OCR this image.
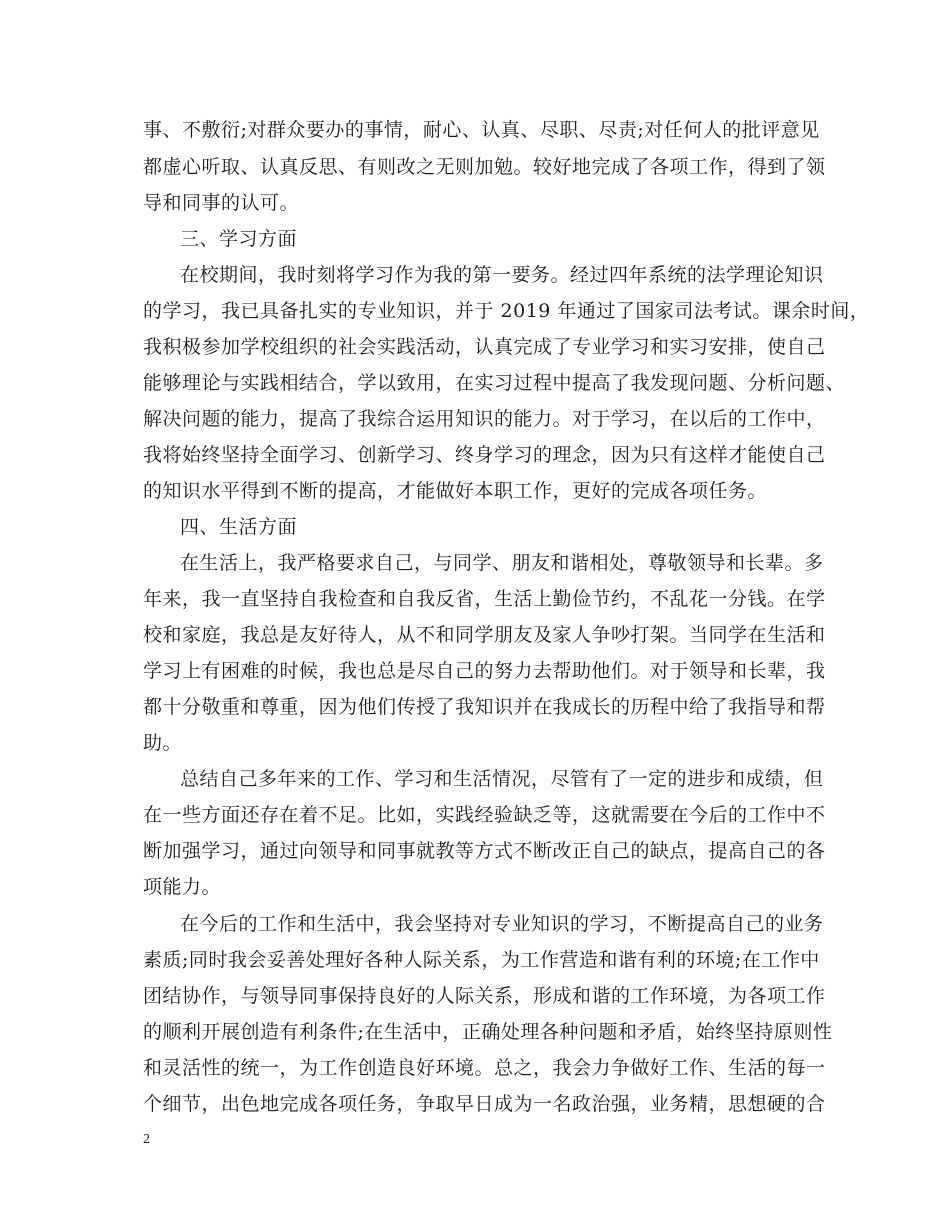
事、不敷衍;对群众要办的事情，耐心、认真、尽职、尽责;对任何人的批评意见
都虚心听取、认真反思、有则改之无则加勉。较好地完成了各项工作，得到了领
导和同事的认可。
三、学习方面
在校期间，我时刻将学习作为我的第一要务。经过四年系统的法学理论知识
的学习，我已具备扎实的专业知识，并于 2019 年通过了国家司法考试。课余时间，
我积极参加学校组织的社会实践活动，认真完成了专业学习和实习安排，使自己
能够理论与实践相结合，学以致用，在实习过程中提高了我发现问题、分析问题、
解决问题的能力，提高了我综合运用知识的能力。对于学习，在以后的工作中，
我将始终坚持全面学习、创新学习、终身学习的理念，因为只有这样才能使自己
的知识水平得到不断的提高，才能做好本职工作，更好的完成各项任务。
四、生活方面
在生活上，我严格要求自己，与同学、朋友和谐相处，尊敬领导和长辈。多
年来，我一直坚持自我检查和自我反省，生活上勤俭节约，不乱花一分钱。在学
校和家庭，我总是友好待人，从不和同学朋友及家人争吵打架。当同学在生活和
学习上有困难的时候，我也总是尽自己的努力去帮助他们。对于领导和长辈，我
都十分敬重和尊重，因为他们传授了我知识并在我成长的历程中给了我指导和帮
助。
总结自己多年来的工作、学习和生活情况，尽管有了一定的进步和成绩，但
在一些方面还存在着不足。比如，实践经验缺乏等，这就需要在今后的工作中不
断加强学习，通过向领导和同事就教等方式不断改正自己的缺点，提高自己的各
项能力。
在今后的工作和生活中，我会坚持对专业知识的学习，不断提高自己的业务
素质;同时我会妥善处理好各种人际关系，为工作营造和谐有利的环境;在工作中
团结协作，与领导同事保持良好的人际关系，形成和谐的工作环境，为各项工作
的顺利开展创造有利条件;在生活中，正确处理各种问题和矛盾，始终坚持原则性
和灵活性的统一，为工作创造良好环境。总之，我会力争做好工作、生活的每一
个细节，出色地完成各项任务，争取早日成为一名政治强，业务精，思想硬的合
2
